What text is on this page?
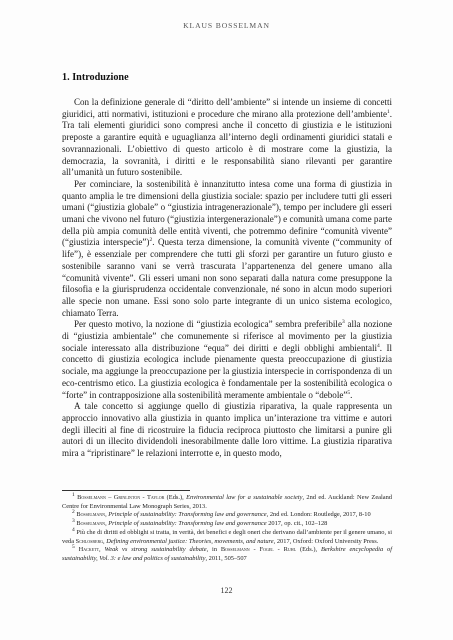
KLAUS BOSSELMAN
1. Introduzione

Con la definizione generale di “diritto dell’ambiente” si intende un insieme di concetti giuridici, atti normativi, istituzioni e procedure che mirano alla protezione dell’ambiente$^1$. Tra tali elementi giuridici sono compresi anche il concetto di giustizia e le istituzioni preposte a garantire equità e uguaglianza all’interno degli ordinamenti giuridici statali e sovrannazionali. L’obiettivo di questo articolo è di mostrare come la giustizia, la democrazia, la sovranità, i diritti e le responsabilità siano rilevanti per garantire all’umanità un futuro sostenibile.

Per cominciare, la sostenibilità è innanzitutto intesa come una forma di giustizia in quanto amplia le tre dimensioni della giustizia sociale: spazio per includere tutti gli esseri umani (“giustizia globale” o “giustizia intragenerazionale”), tempo per includere gli esseri umani che vivono nel futuro (“giustizia intergenerazionale”) e comunità umana come parte della più ampia comunità delle entità viventi, che potremmo definire “comunità vivente” (“giustizia interspecie”)$^2$. Questa terza dimensione, la comunità vivente (“community of life”), è essenziale per comprendere che tutti gli sforzi per garantire un futuro giusto e sostenibile saranno vani se verrà trascurata l’appartenenza del genere umano alla “comunità vivente”. Gli esseri umani non sono separati dalla natura come presuppone la filosofia e la giurisprudenza occidentale convenzionale, né sono in alcun modo superiori alle specie non umane. Essi sono solo parte integrante di un unico sistema ecologico, chiamato Terra.

Per questo motivo, la nozione di “giustizia ecologica” sembra preferibile$^3$ alla nozione di “giustizia ambientale” che comunemente si riferisce al movimento per la giustizia sociale interessato alla distribuzione “equa” dei diritti e degli obblighi ambientali$^4$. Il concetto di giustizia ecologica include pienamente questa preoccupazione di giustizia sociale, ma aggiunge la preoccupazione per la giustizia interspecie in corrispondenza di un eco-centrismo etico. La giustizia ecologica è fondamentale per la sostenibilità ecologica o “forte” in contrapposizione alla sostenibilità meramente ambientale o “debole”$^5$.

A tale concetto si aggiunge quello di giustizia riparativa, la quale rappresenta un approccio innovativo alla giustizia in quanto implica un’interazione tra vittime e autori degli illeciti al fine di ricostruire la fiducia reciproca piuttosto che limitarsi a punire gli autori di un illecito dividendoli inesorabilmente dalle loro vittime. La giustizia riparativa mira a “ripristinare” le relazioni interrotte e, in questo modo,

$^1$ Bosselmann – Grinlinton - Taylor (Eds.), Environmental law for a sustainable society, 2nd ed. Auckland: New Zealand Centre for Environmental Law Monograph Series, 2013.

$^2$ Bosselmann, Principle of sustainability: Transforming law and governance, 2nd ed. London: Routledge, 2017, 8-10

$^3$ Bosselmann, Principle of sustainability: Transforming law and governance 2017, op. cit., 102–128

$^4$ Più che di diritti ed obblighi si tratta, in verità, dei benefici e degli oneri che derivano dall’ambiente per il genere umano, si veda Schlosberg, Defining environmental justice: Theories, movements, and nature, 2017, Oxford: Oxford University Press.

$^5$ Hackett, Weak vs strong sustainability debate, in Bosselmann - Fogel - Ruhl (Eds.), Berkshire encyclopedia of sustainability, Vol. 3: e law and politics of sustainability, 2011, 505–507

122
